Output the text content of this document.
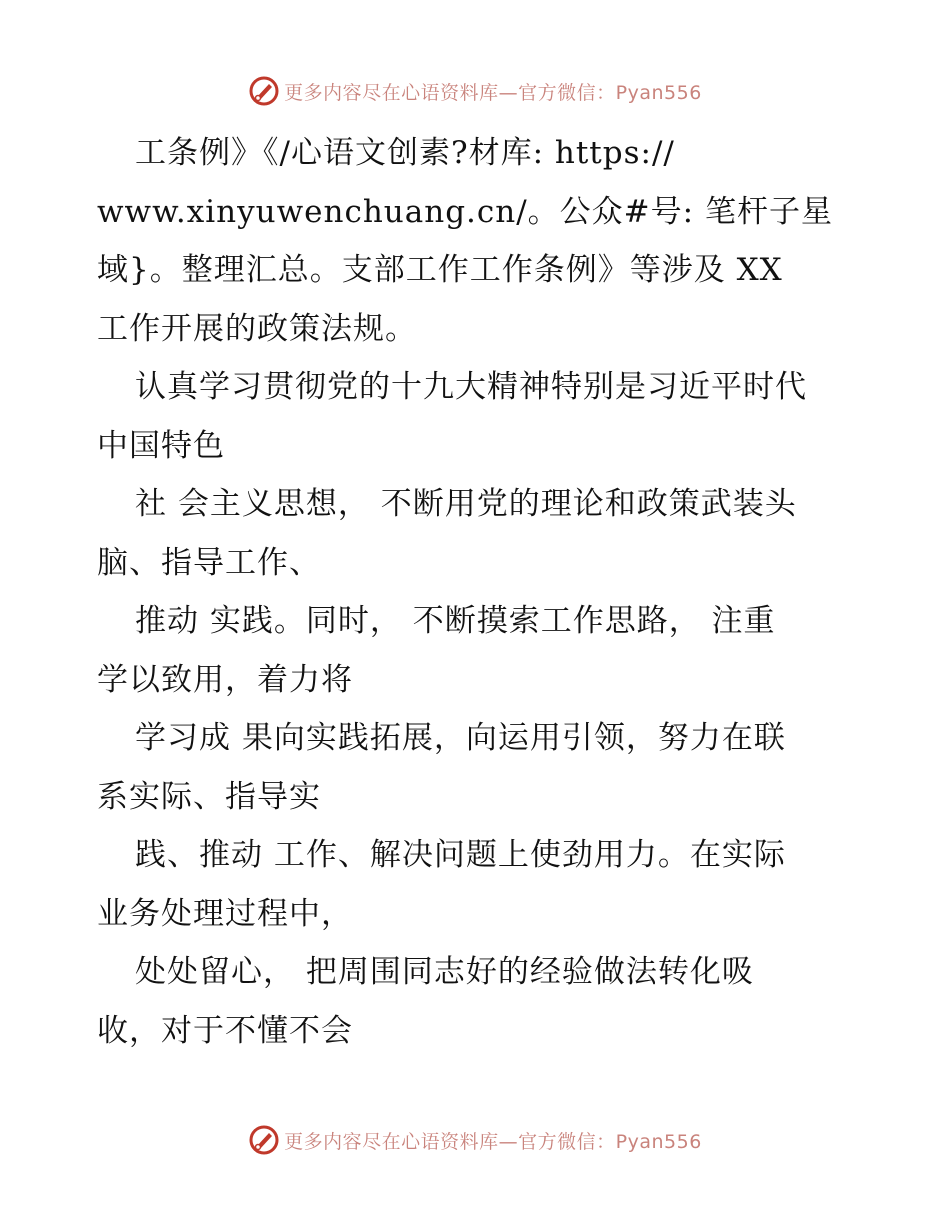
更多内容尽在心语资料库—官方微信：Pyan556
工条例》《/心语文创素?材库: https://
www.xinyuwenchuang.cn/。公众#号: 笔杆子星
域}。整理汇总。支部工作工作条例》等涉及 XX
工作开展的政策法规。
认真学习贯彻党的十九大精神特别是习近平时代
中国特色
社 会主义思想， 不断用党的理论和政策武装头
脑、指导工作、
推动 实践。同时， 不断摸索工作思路， 注重
学以致用，着力将
学习成 果向实践拓展，向运用引领，努力在联
系实际、指导实
践、推动 工作、解决问题上使劲用力。在实际
业务处理过程中，
处处留心， 把周围同志好的经验做法转化吸
收，对于不懂不会
更多内容尽在心语资料库—官方微信：Pyan556
